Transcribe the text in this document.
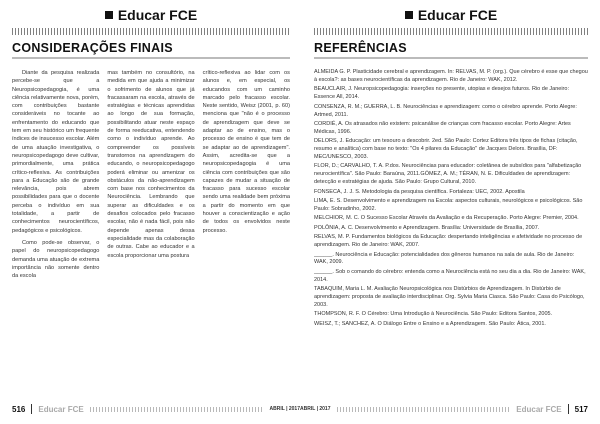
Educar FCE
CONSIDERAÇÕES FINAIS

Diante da pesquisa realizada percebe-se que a Neuropsicopedagogia, é uma ciência relativamente nova, porém, com contribuições bastante consideráveis no tocante ao enfrentamento do educando que tem em seu histórico um frequente índices de insucesso escolar. Além de uma atuação investigativa, o neuropsicopedagogo deve cultivar, primordialmente, uma prática crítico-reflexiva. As contribuições para a Educação são de grande relevância, pois abrem possibilidades para que o docente perceba o indivíduo em sua totalidade, a partir de conhecimentos neurocientíficos, pedagógicos e psicológicos.

Como pode-se observar, o papel do neuropsicopedagogo demanda uma atuação de extrema importância não somente dentro da escola

mas também no consultório, na medida em que ajuda a minimizar o sofrimento de alunos que já fracassaram na escola, através de estratégias e técnicas aprendidas ao longo de sua formação, possibilitando atuar neste espaço de forma reeducativa, entendendo como o indivíduo aprende. Ao compreender os possíveis transtornos na aprendizagem do educando, o neuropsicopedagogo poderá eliminar ou amenizar os obstáculos da não-aprendizagem com base nos conhecimentos da Neurociência. Lembrando que superar as dificuldades e os desafios colocados pelo fracasso escolar, não é nada fácil, pois não depende apenas dessa especialidade mas da colaboração de outras. Cabe ao educador e a escola proporcionar uma postura

crítico-reflexiva ao lidar com os alunos e, em especial, os educandos com um caminho marcado pelo fracasso escolar. Neste sentido, Weisz (2001, p. 60) menciona que "não é o processo de aprendizagem que deve se adaptar ao de ensino, mas o processo de ensino é que tem de se adaptar ao de aprendizagem". Assim, acredita-se que a neuropsicopedagogia é uma ciência com contribuições que são capazes de mudar a situação de fracasso para sucesso escolar sendo uma realidade bem próxima a partir do momento em que houver a conscientização e ação de todos os envolvidos neste processo.

516 Educar FCE	ABRIL | 2017
Educar FCE
REFERÊNCIAS

ALMEIDA G. P. Plasticidade cerebral e aprendizagem. In: RELVAS, M. P. (org.). Que cérebro é esse que chegou à escola?: as bases neurocientíficas da aprendizagem. Rio de Janeiro: WAK, 2012.

BEAUCLAIR, J. Neuropsicopedagogia: inserções no presente, utopias e desejos futuros. Rio de Janeiro: Essence All, 2014.

CONSENZA, R. M.; GUERRA, L. B. Neurociências e aprendizagem: como o cérebro aprende. Porto Alegre: Artmed, 2011.

CORDIÉ, A. Os atrasados não existem: psicanálise de crianças com fracasso escolar. Porto Alegre: Artes Médicas, 1996.

DELORS, J. Educação: um tesouro a descobrir. 2ed. São Paulo: Cortez Editora três tipos de fichas (citação, resumo e analítica) com base no texto: "Os 4 pilares da Educação" de Jacques Delors. Brasília, DF: MEC/UNESCO, 2003.

FLOR, D.; CARVALHO, T. A. P.dos. Neurociências para educador: coletânea de subsídios para "alfabetização neurocientífica". São Paulo: Baraúna, 2011.GÓMEZ, A. M.; TÉRAN, N. E. Dificuldades de aprendizagem: detecção e estratégias de ajuda. São Paulo: Grupo Cultural, 2010.

FONSECA, J. J. S. Metodologia da pesquisa científica. Fortaleza: UEC, 2002. Apostila

LIMA, E. S. Desenvolvimento e aprendizagem na Escola: aspectos culturais, neurológicos e psicológicos. São Paulo: Sobradinho, 2002.

MELCHIOR, M. C. O Sucesso Escolar Através da Avaliação e da Recuperação. Porto Alegre: Premier, 2004.

POLÔNIA, A. C. Desenvolvimento e Aprendizagem. Brasília: Universidade de Brasília, 2007.

RELVAS, M. P. Fundamentos biológicos da Educação: despertando inteligências e afetividade no processo de aprendizagem. Rio de Janeiro: WAK, 2007.

______. Neurociência e Educação: potencialidades dos gêneros humanos na sala de aula. Rio de Janeiro: WAK, 2009.

______. Sob o comando do cérebro: entenda como a Neurociência está no seu dia a dia. Rio de Janeiro: WAK, 2014.

TABAQUIM, Maria L. M. Avaliação Neuropsicológica nos Distúrbios de Aprendizagem. In Distúrbio de aprendizagem: proposta de avaliação interdisciplinar. Org. Sylvia Maria Ciasca. São Paulo: Casa do Psicólogo, 2003.

THOMPSON, R. F. O Cérebro: Uma Introdução à Neurociência. São Paulo: Editora Santos, 2005.

WEISZ, T.; SANCHEZ, A. O Diálogo Entre o Ensino e a Aprendizagem. São Paulo: Ática, 2001.

ABRIL | 2017	Educar FCE 517
